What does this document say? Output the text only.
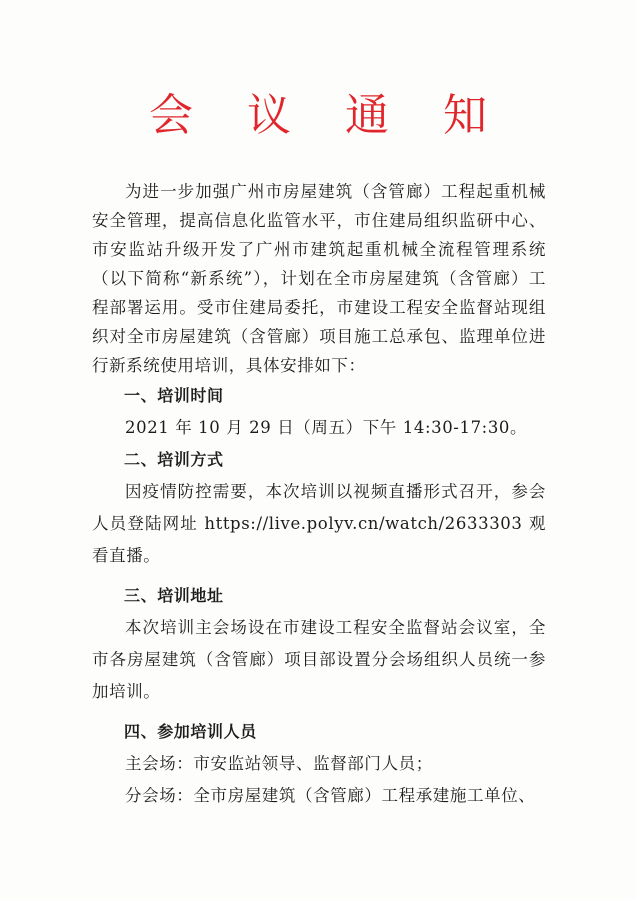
会 议 通 知

为进一步加强广州市房屋建筑（含管廊）工程起重机械安全管理，提高信息化监管水平，市住建局组织监研中心、市安监站升级开发了广州市建筑起重机械全流程管理系统（以下简称“新系统”），计划在全市房屋建筑（含管廊）工程部署运用。受市住建局委托，市建设工程安全监督站现组织对全市房屋建筑（含管廊）项目施工总承包、监理单位进行新系统使用培训，具体安排如下：

一、培训时间

2021 年 10 月 29 日（周五）下午 14:30-17:30。

二、培训方式

因疫情防控需要，本次培训以视频直播形式召开，参会人员登陆网址 https://live.polyv.cn/watch/2633303 观看直播。

三、培训地址

本次培训主会场设在市建设工程安全监督站会议室，全市各房屋建筑（含管廊）项目部设置分会场组织人员统一参加培训。

四、参加培训人员

主会场：市安监站领导、监督部门人员；

分会场：全市房屋建筑（含管廊）工程承建施工单位、
